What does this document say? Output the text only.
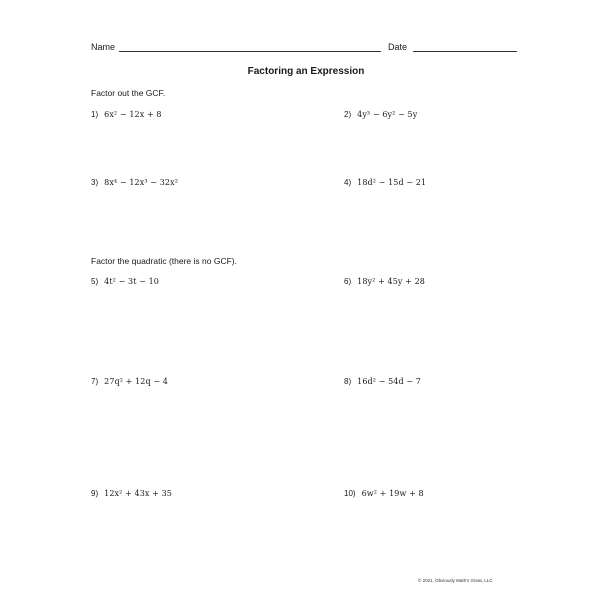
Name	Date
Factoring an Expression
Factor out the GCF.
1) 6x² − 12x + 8	2) 4y³ − 6y² − 5y
3) 8x⁴ − 12x³ − 32x²	4) 18d² − 15d − 21
Factor the quadratic (there is no GCF).
5) 4t² − 3t − 10	6) 18y² + 45y + 28
7) 27q² + 12q − 4	8) 16d² − 54d − 7
9) 12x² + 43x + 35	10) 6w² + 19w + 8
© 2021, Obviously Math's Great, LLC
